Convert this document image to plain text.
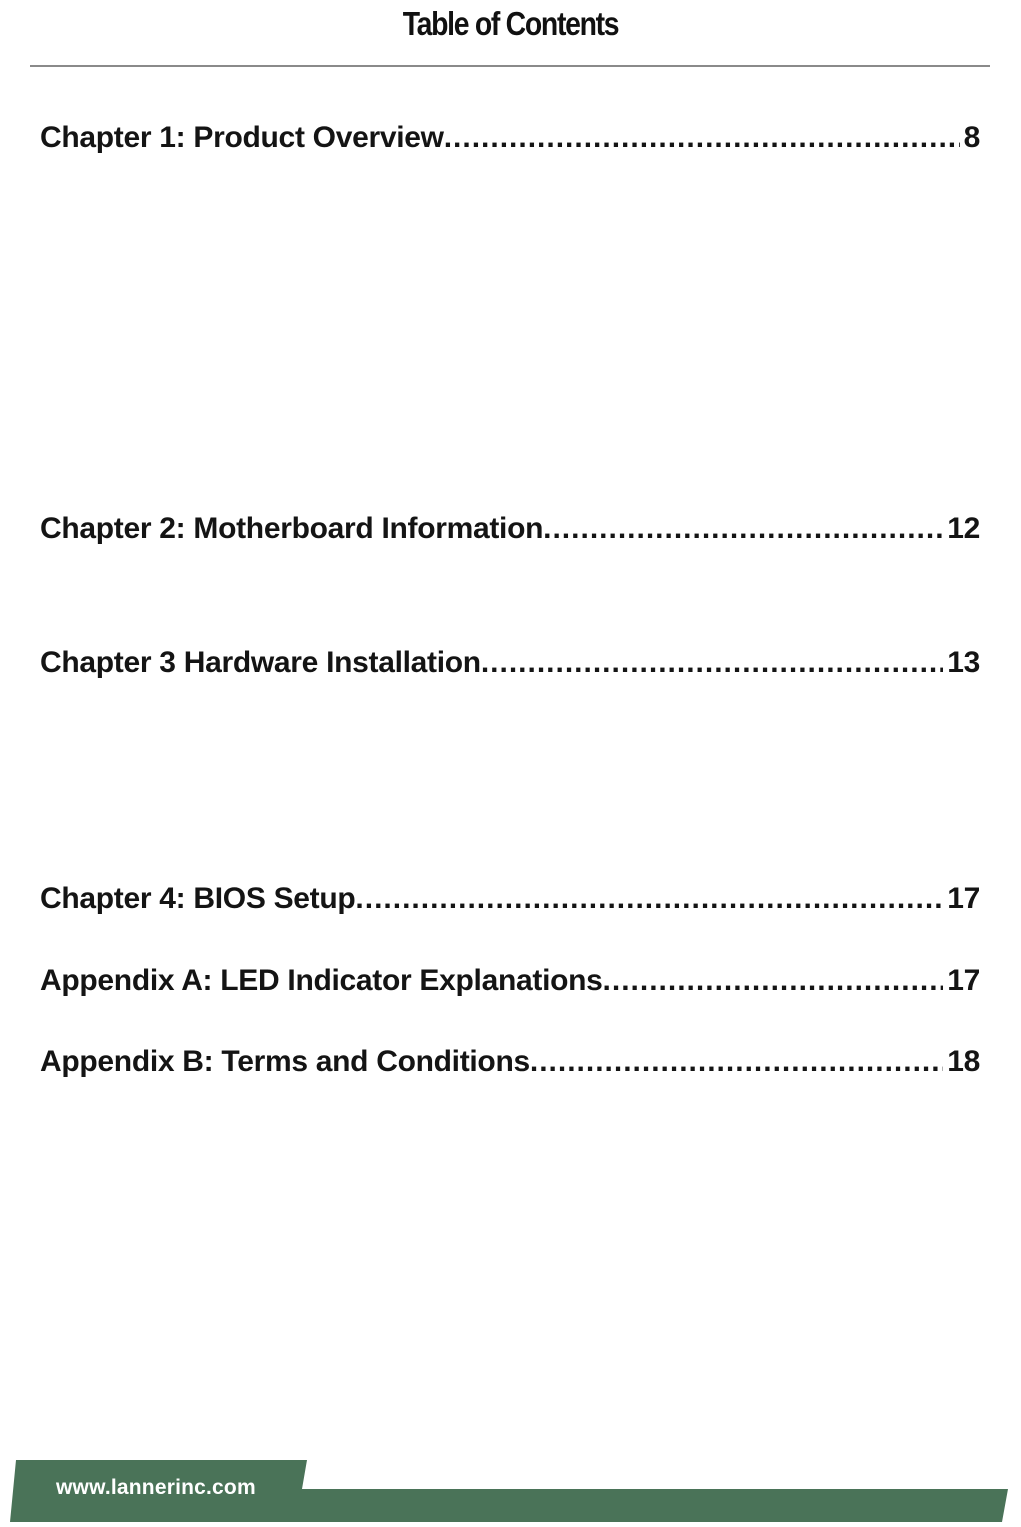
Table of Contents
Chapter 1: Product Overview .....	8
Chapter 2: Motherboard Information .....	12
Chapter 3 Hardware Installation .....	13
Chapter 4: BIOS Setup .....	17
Appendix A: LED Indicator Explanations .....	17
Appendix B: Terms and Conditions .....	18
www.lannerinc.com
